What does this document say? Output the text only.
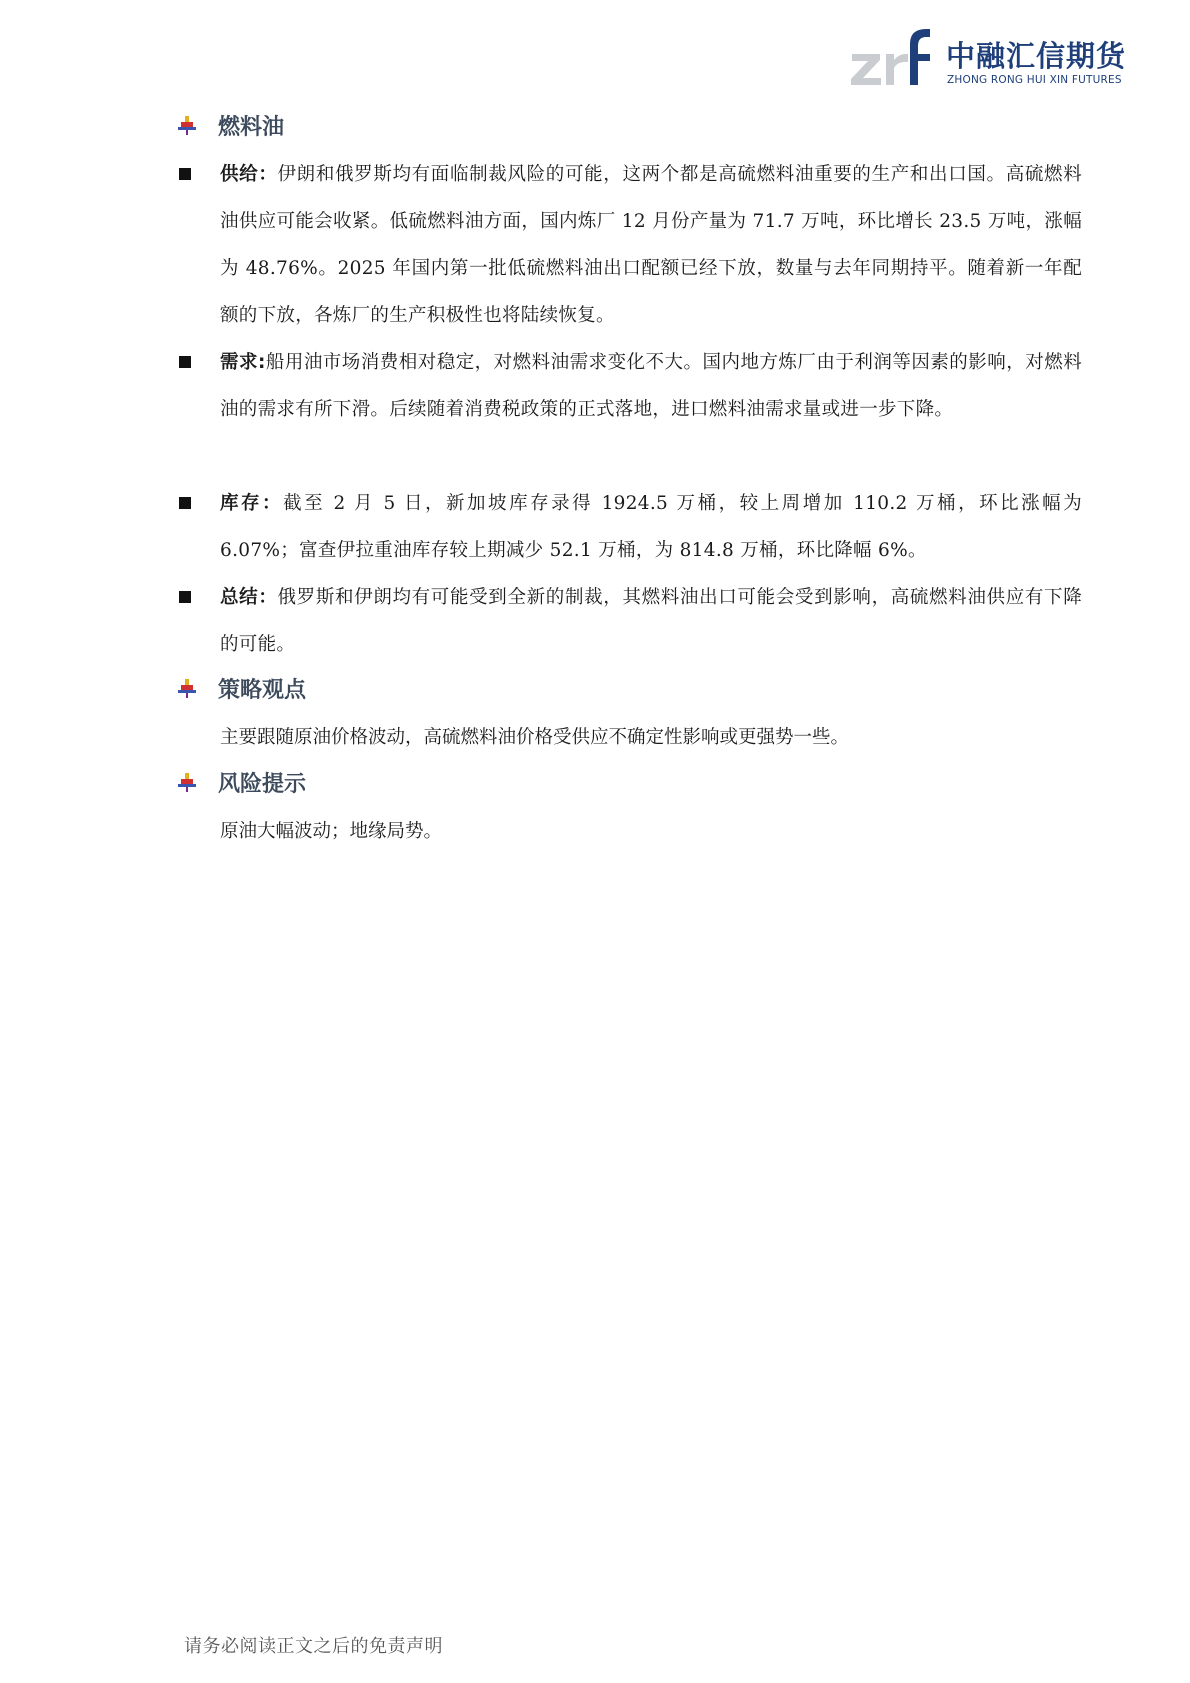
中融汇信期货
ZHONG RONG HUI XIN FUTURES
燃料油
供给：伊朗和俄罗斯均有面临制裁风险的可能，这两个都是高硫燃料油重要的生产和出口国。高硫燃料油供应可能会收紧。低硫燃料油方面，国内炼厂 12 月份产量为 71.7 万吨，环比增长 23.5 万吨，涨幅为 48.76%。2025 年国内第一批低硫燃料油出口配额已经下放，数量与去年同期持平。随着新一年配额的下放，各炼厂的生产积极性也将陆续恢复。
需求:船用油市场消费相对稳定，对燃料油需求变化不大。国内地方炼厂由于利润等因素的影响，对燃料油的需求有所下滑。后续随着消费税政策的正式落地，进口燃料油需求量或进一步下降。
库存：截至 2 月 5 日，新加坡库存录得 1924.5 万桶，较上周增加 110.2 万桶，环比涨幅为 6.07%；富查伊拉重油库存较上期减少 52.1 万桶，为 814.8 万桶，环比降幅 6%。
总结：俄罗斯和伊朗均有可能受到全新的制裁，其燃料油出口可能会受到影响，高硫燃料油供应有下降的可能。
策略观点
主要跟随原油价格波动，高硫燃料油价格受供应不确定性影响或更强势一些。
风险提示
原油大幅波动；地缘局势。
请务必阅读正文之后的免责声明
